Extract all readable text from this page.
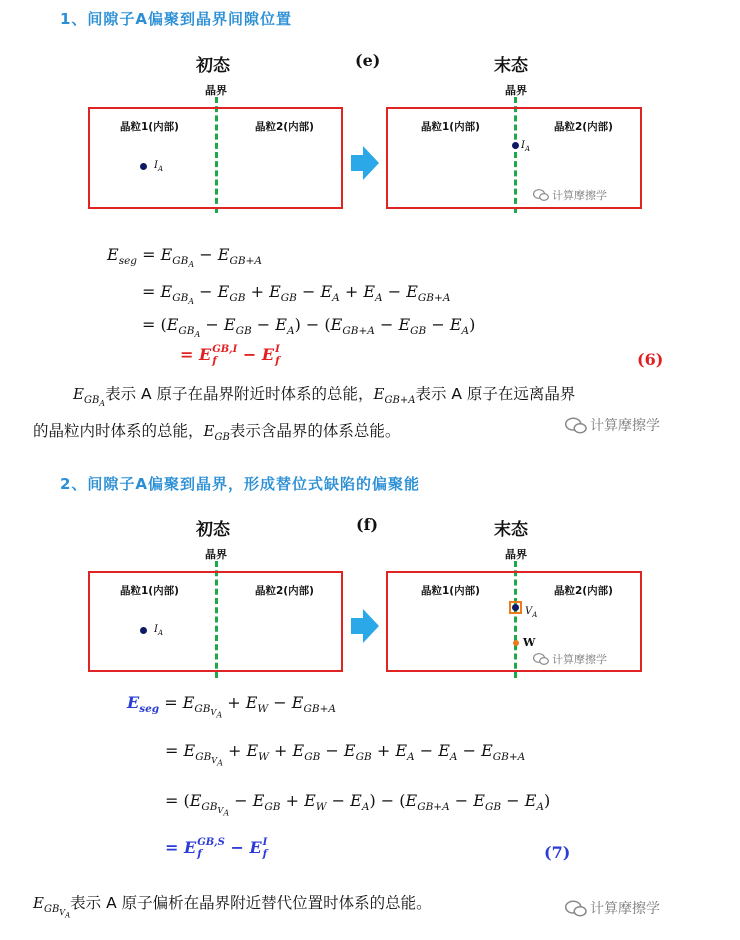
1、间隙子A偏聚到晶界间隙位置
初态	(e)	末态
晶界
晶粒1(内部)	晶粒2(内部)
$I_A$
晶界
晶粒1(内部)	晶粒2(内部)
$I_A$
计算摩擦学
$E_{seg} = E_{GB_A} - E_{GB+A}$
= $E_{GB_A} - E_{GB} + E_{GB} - E_A + E_A - E_{GB+A}$
= $(E_{GB_A} - E_{GB} - E_A) - (E_{GB+A} - E_{GB} - E_A)$
= E GB,I
f	− E I
f	(6)
$E_{GB_A}$表示 A 原子在晶界附近时体系的总能，$E_{GB+A}$表示 A 原子在远离晶界
的晶粒内时体系的总能，$E_{GB}$表示含晶界的体系总能。	计算摩擦学
2、间隙子A偏聚到晶界，形成替位式缺陷的偏聚能
初态	(f)	末态
晶界
晶粒1(内部)	晶粒2(内部)
$I_A$
晶界
晶粒1(内部)	晶粒2(内部)
$V_A$
W
计算摩擦学
$E_{seg} = E_{GB_{V_A}} + E_W - E_{GB+A}$
= $E_{GB_{V_A}} + E_W + E_{GB} - E_{GB} + E_A - E_A - E_{GB+A}$
= $(E_{GB_{V_A}} - E_{GB} + E_W - E_A) - (E_{GB+A} - E_{GB} - E_A)$
= E GB,S
f	− E I
f	(7)
$E_{GB_{V_A}}$表示 A 原子偏析在晶界附近替代位置时体系的总能。	计算摩擦学
